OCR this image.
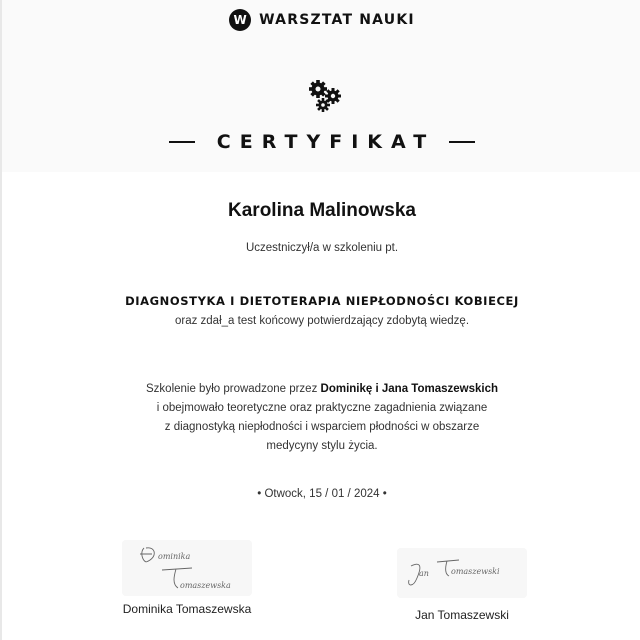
W WARSZTAT NAUKI
CERTYFIKAT
Karolina Malinowska
Uczestniczył/a w szkoleniu pt.
DIAGNOSTYKA I DIETOTERAPIA NIEPŁODNOŚCI KOBIECEJ
oraz zdał_a test końcowy potwierdzający zdobytą wiedzę.
Szkolenie było prowadzone przez Dominikę i Jana Tomaszewskich
i obejmowało teoretyczne oraz praktyczne zagadnienia związane
z diagnostyką niepłodności i wsparciem płodności w obszarze
medycyny stylu życia.
• Otwock, 15 / 01 / 2024 •
ominika
omaszewska
Dominika Tomaszewska
an	omaszewski
Jan Tomaszewski
